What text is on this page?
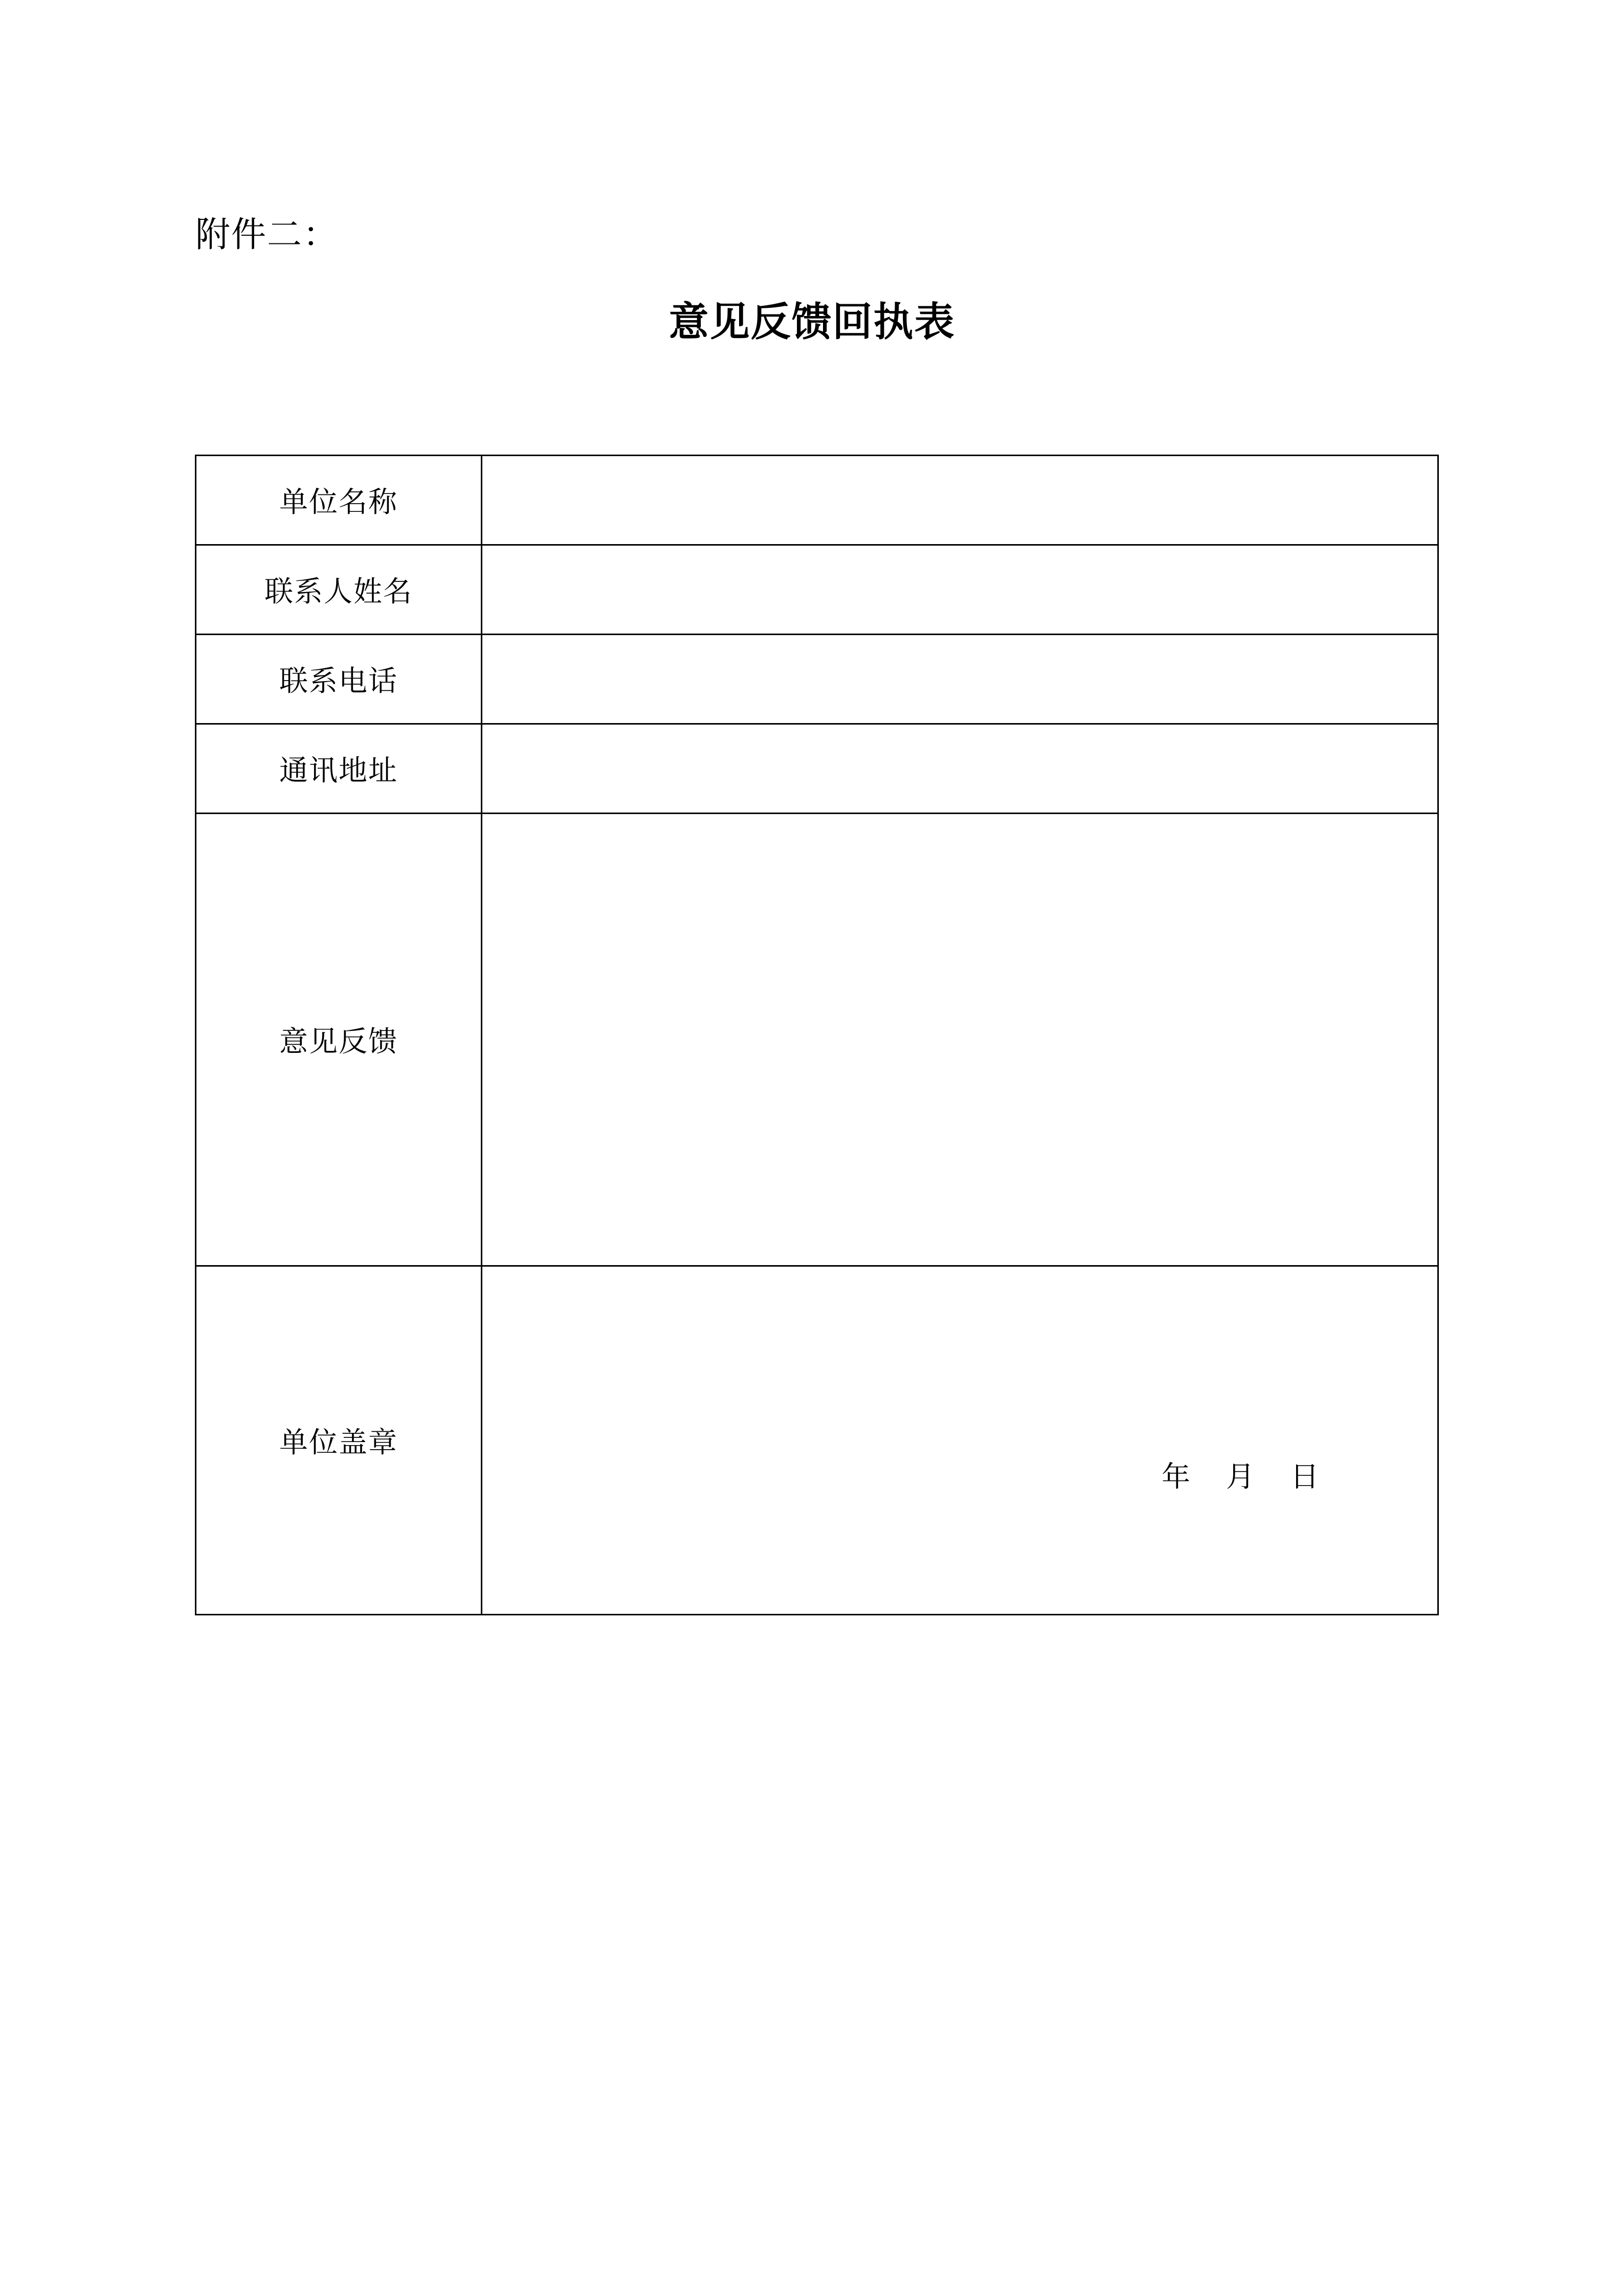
附件二：
意见反馈回执表
单位名称	
联系人姓名	
联系电话	
通讯地址	
意见反馈	
单位盖章	年 月 日
